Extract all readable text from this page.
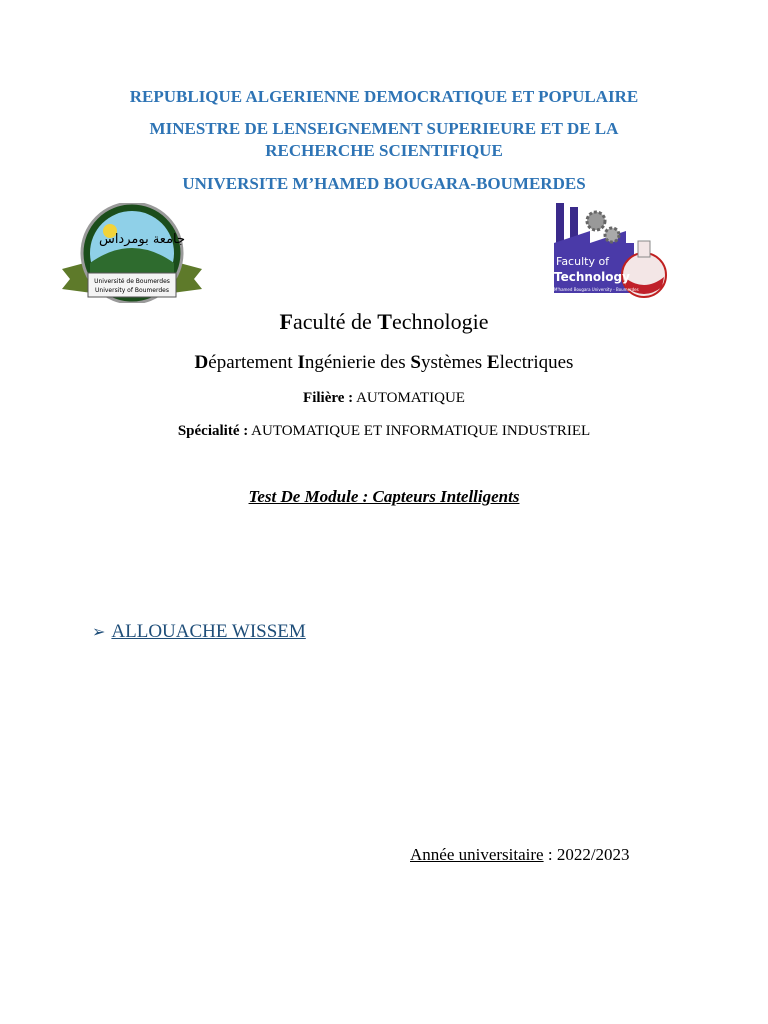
REPUBLIQUE ALGERIENNE DEMOCRATIQUE ET POPULAIRE
MINESTRE DE LENSEIGNEMENT SUPERIEURE ET DE LA
RECHERCHE SCIENTIFIQUE
UNIVERSITE M’HAMED BOUGARA-BOUMERDES
جامعة بومرداس
Université de Boumerdes
University of Boumerdes
Faculty of
Technology
M'hamed Bougara University - Boumerdes
Faculté de Technologie
Département Ingénierie des Systèmes Electriques
Filière : AUTOMATIQUE
Spécialité : AUTOMATIQUE ET INFORMATIQUE INDUSTRIEL
Test De Module : Capteurs Intelligents
➢ ALLOUACHE WISSEM
Année universitaire : 2022/2023
